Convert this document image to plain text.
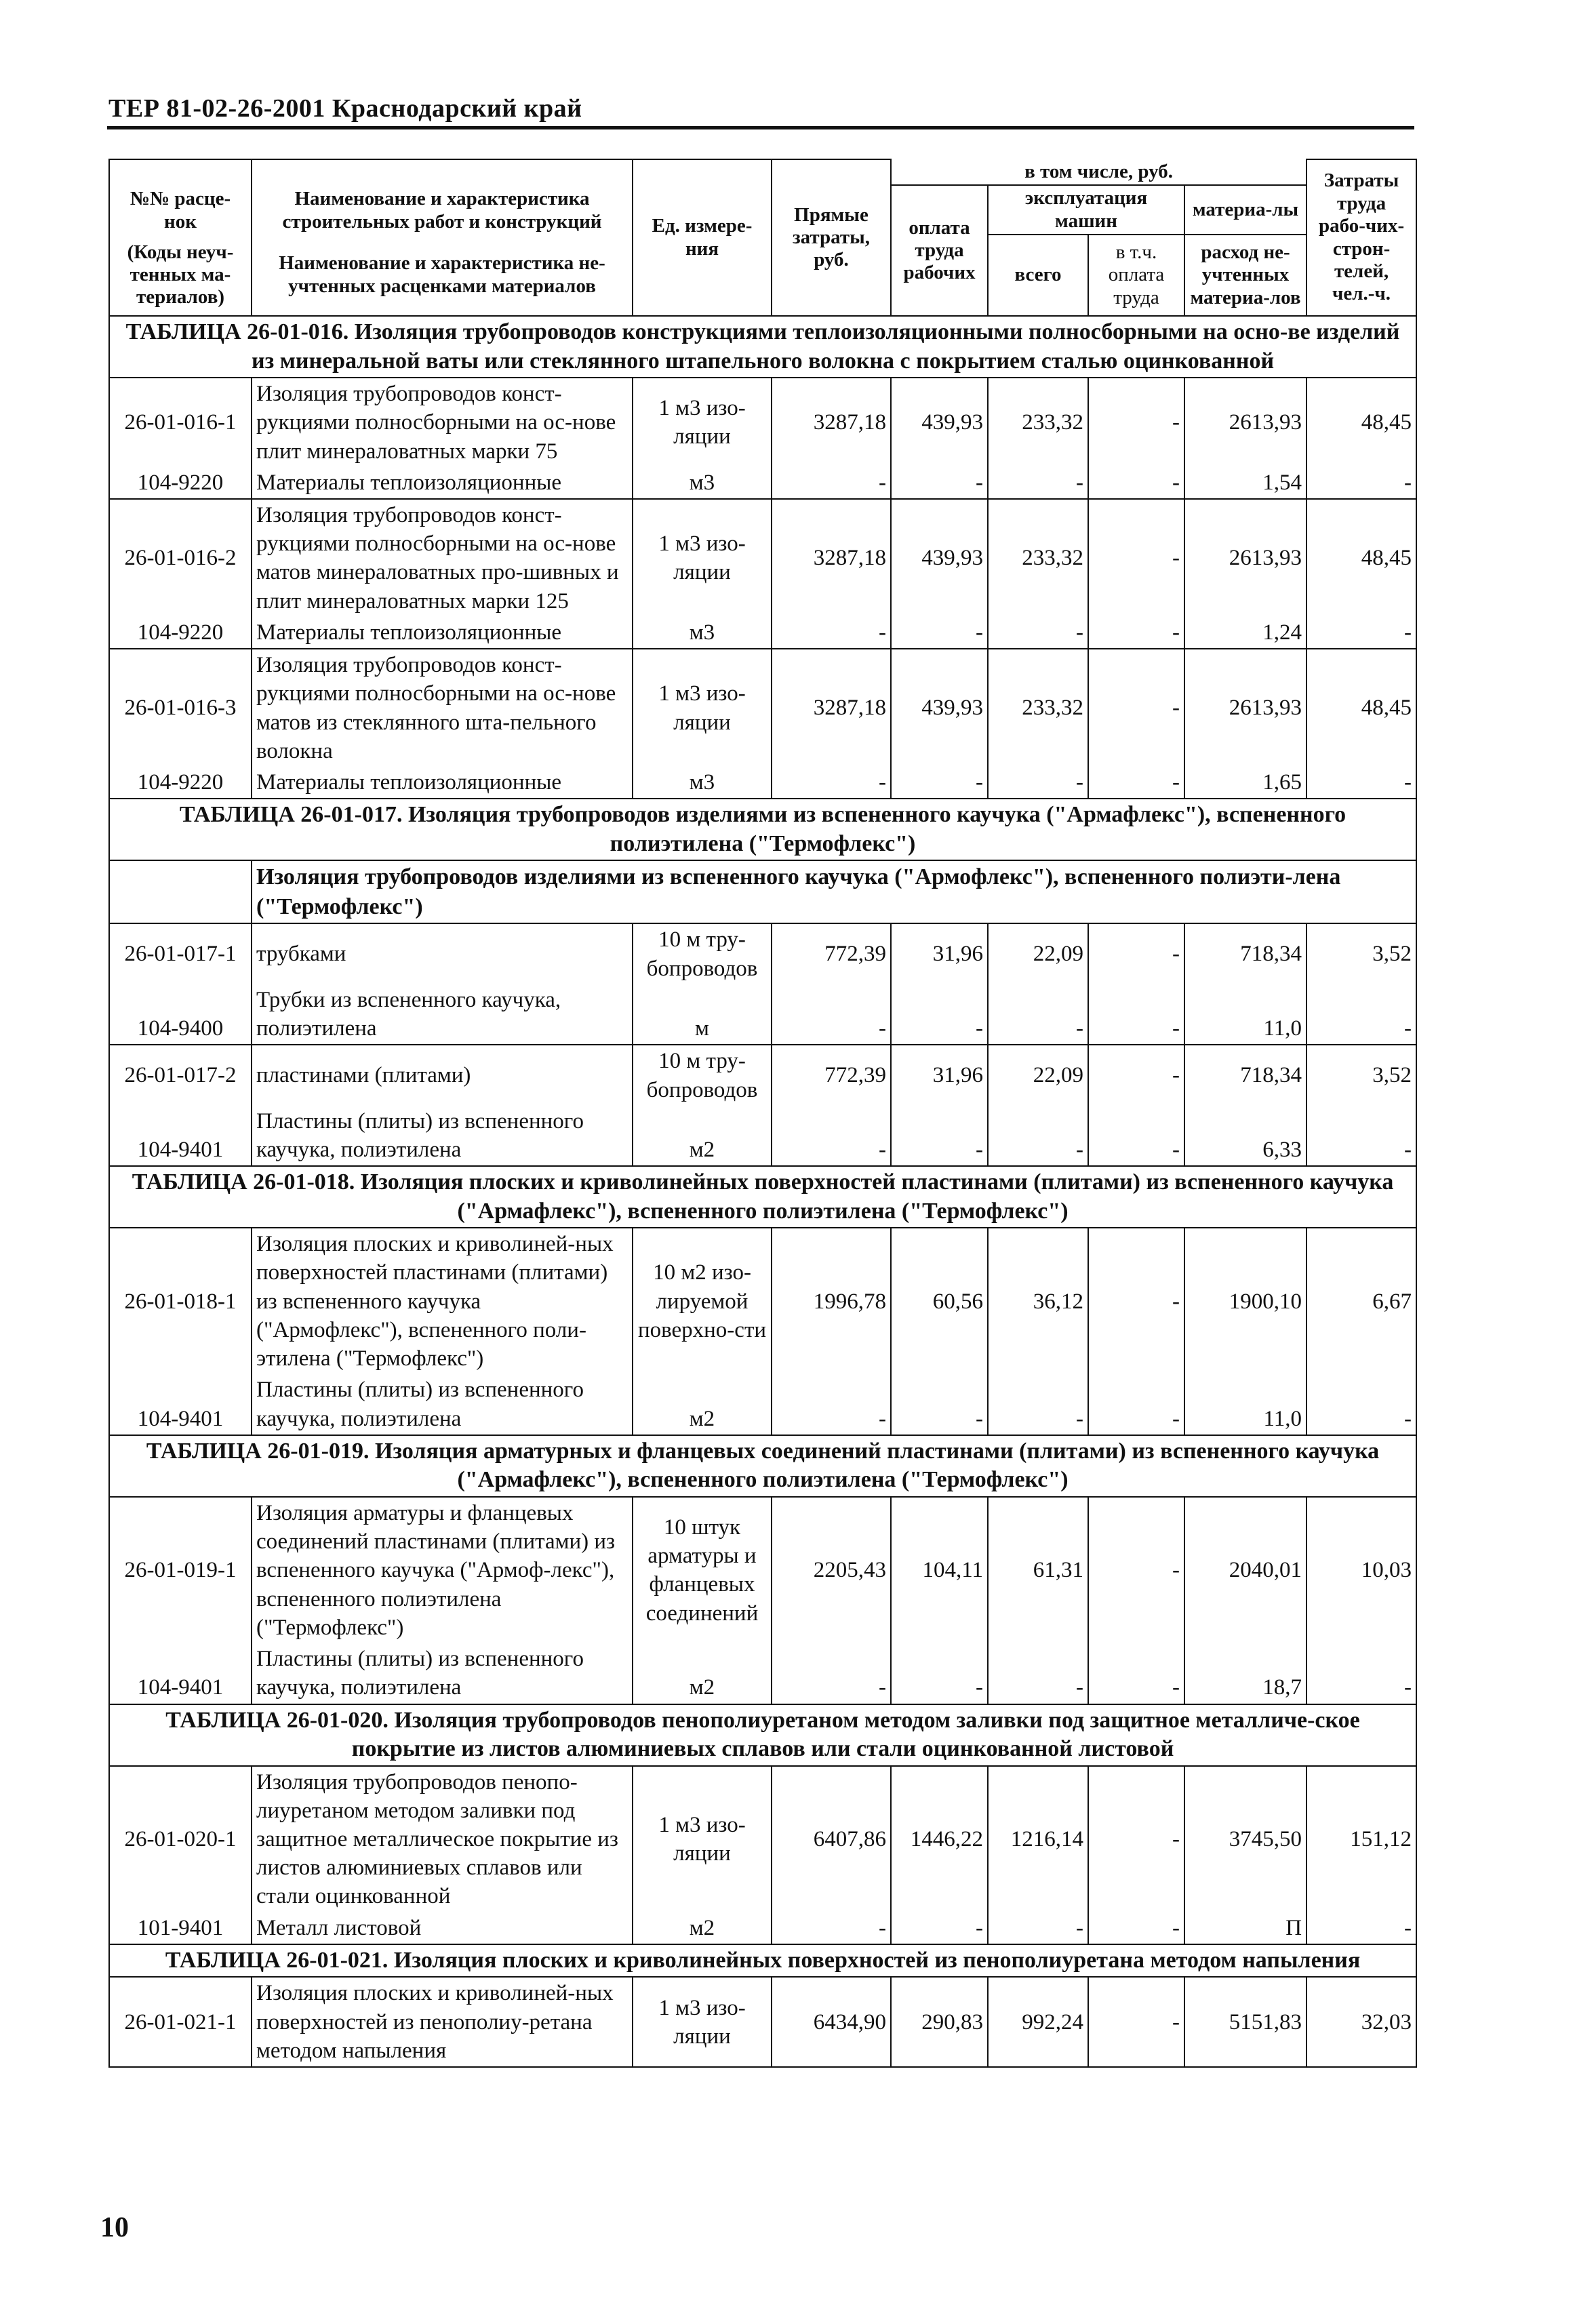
ТЕР 81-02-26-2001 Краснодарский край
№№ расце-нок	Наименование и характеристика строительных работ и конструкций	Ед. измере-ния	Прямые затраты, руб.	в том числе, руб.				Затраты труда рабо-чих-строн-телей, чел.-ч.
				оплата труда рабочих	эксплуатация машин		материа-лы	
(Коды неуч-тенных ма-териалов)	Наименование и характеристика не-учтенных расценками материалов				всего	в т.ч. оплата труда	расход не-учтенных материа-лов	

ТАБЛИЦА 26-01-016. Изоляция трубопроводов конструкциями теплоизоляционными полносборными на осно-ве изделий из минеральной ваты или стеклянного штапельного волокна с покрытием сталью оцинкованной								
26-01-016-1	Изоляция трубопроводов конст-рукциями полносборными на ос-нове плит минераловатных марки 75	1 м3 изо-ляции	3287,18	439,93	233,32	-	2613,93	48,45
104-9220	Материалы теплоизоляционные	м3	-	-	-	-	1,54	-
26-01-016-2	Изоляция трубопроводов конст-рукциями полносборными на ос-нове матов минераловатных про-шивных и плит минераловатных марки 125	1 м3 изо-ляции	3287,18	439,93	233,32	-	2613,93	48,45
104-9220	Материалы теплоизоляционные	м3	-	-	-	-	1,24	-
26-01-016-3	Изоляция трубопроводов конст-рукциями полносборными на ос-нове матов из стеклянного шта-пельного волокна	1 м3 изо-ляции	3287,18	439,93	233,32	-	2613,93	48,45
104-9220	Материалы теплоизоляционные	м3	-	-	-	-	1,65	-
ТАБЛИЦА 26-01-017. Изоляция трубопроводов изделиями из вспененного каучука ("Армафлекс"), вспененного полиэтилена ("Термофлекс")								
	Изоляция трубопроводов изделиями из вспененного каучука ("Армофлекс"), вспененного полиэти-лена ("Термофлекс")							
26-01-017-1	трубками	10 м тру-бопроводов	772,39	31,96	22,09	-	718,34	3,52
104-9400	Трубки из вспененного каучука, полиэтилена	м	-	-	-	-	11,0	-
26-01-017-2	пластинами (плитами)	10 м тру-бопроводов	772,39	31,96	22,09	-	718,34	3,52
104-9401	Пластины (плиты) из вспененного каучука, полиэтилена	м2	-	-	-	-	6,33	-
ТАБЛИЦА 26-01-018. Изоляция плоских и криволинейных поверхностей пластинами (плитами) из вспененного каучука ("Армафлекс"), вспененного полиэтилена ("Термофлекс")								
26-01-018-1	Изоляция плоских и криволиней-ных поверхностей пластинами (плитами) из вспененного каучука ("Армофлекс"), вспененного поли-этилена ("Термофлекс")	10 м2 изо-лируемой поверхно-сти	1996,78	60,56	36,12	-	1900,10	6,67
104-9401	Пластины (плиты) из вспененного каучука, полиэтилена	м2	-	-	-	-	11,0	-
ТАБЛИЦА 26-01-019. Изоляция арматурных и фланцевых соединений пластинами (плитами) из вспененного каучука ("Армафлекс"), вспененного полиэтилена ("Термофлекс")								
26-01-019-1	Изоляция арматуры и фланцевых соединений пластинами (плитами) из вспененного каучука ("Армоф-лекс"), вспененного полиэтилена ("Термофлекс")	10 штук арматуры и фланцевых соединений	2205,43	104,11	61,31	-	2040,01	10,03
104-9401	Пластины (плиты) из вспененного каучука, полиэтилена	м2	-	-	-	-	18,7	-
ТАБЛИЦА 26-01-020. Изоляция трубопроводов пенополиуретаном методом заливки под защитное металличе-ское покрытие из листов алюминиевых сплавов или стали оцинкованной листовой								
26-01-020-1	Изоляция трубопроводов пенопо-лиуретаном методом заливки под защитное металлическое покрытие из листов алюминиевых сплавов или стали оцинкованной	1 м3 изо-ляции	6407,86	1446,22	1216,14	-	3745,50	151,12
101-9401	Металл листовой	м2	-	-	-	-	П	-
ТАБЛИЦА 26-01-021. Изоляция плоских и криволинейных поверхностей из пенополиуретана методом напыления								
26-01-021-1	Изоляция плоских и криволиней-ных поверхностей из пенополиу-ретана методом напыления	1 м3 изо-ляции	6434,90	290,83	992,24	-	5151,83	32,03
10
